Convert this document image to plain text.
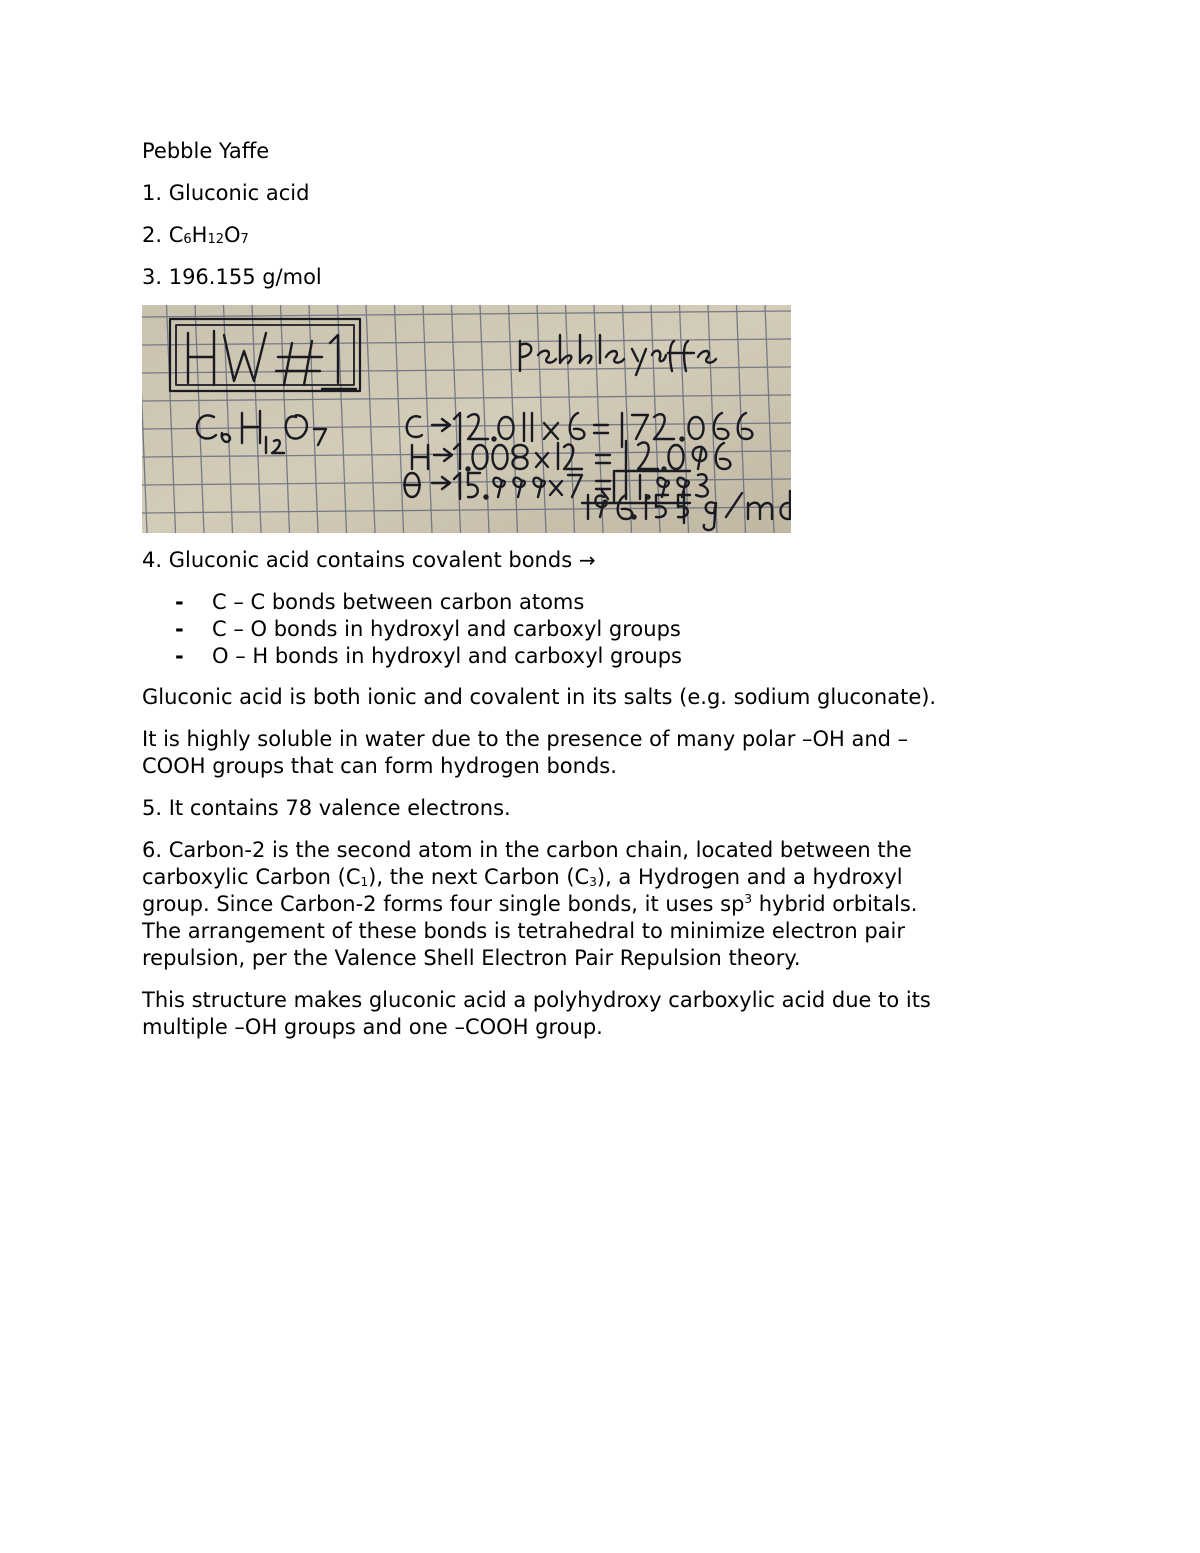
Pebble Yaffe

1. Gluconic acid

2. C6H12O7

3. 196.155 g/mol

4. Gluconic acid contains covalent bonds →

- C – C bonds between carbon atoms
- C – O bonds in hydroxyl and carboxyl groups
- O – H bonds in hydroxyl and carboxyl groups

Gluconic acid is both ionic and covalent in its salts (e.g. sodium gluconate).

It is highly soluble in water due to the presence of many polar –OH and –

COOH groups that can form hydrogen bonds.

5. It contains 78 valence electrons.

6. Carbon-2 is the second atom in the carbon chain, located between the

carboxylic Carbon (C1), the next Carbon (C3), a Hydrogen and a hydroxyl

group. Since Carbon-2 forms four single bonds, it uses $sp^3$ hybrid orbitals.

The arrangement of these bonds is tetrahedral to minimize electron pair

repulsion, per the Valence Shell Electron Pair Repulsion theory.

This structure makes gluconic acid a polyhydroxy carboxylic acid due to its

multiple –OH groups and one –COOH group.
